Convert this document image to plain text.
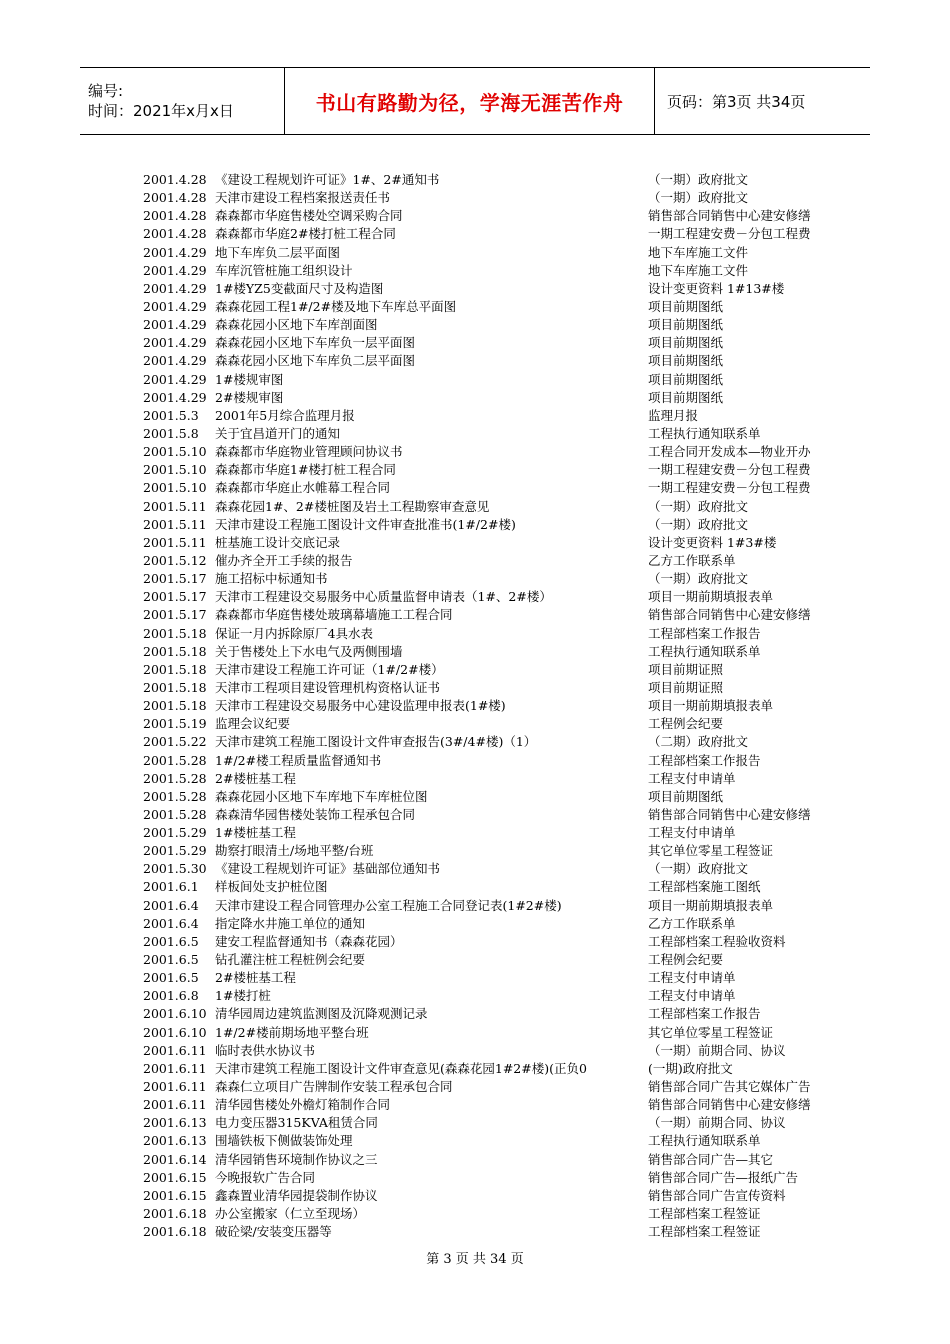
编号:
时间：2021年x月x日	书山有路勤为径，学海无涯苦作舟	页码：第3页 共34页
2001.4.28 《建设工程规划许可证》1#、2#通知书	（一期）政府批文
2001.4.28 天津市建设工程档案报送责任书	（一期）政府批文
2001.4.28 森森都市华庭售楼处空调采购合同	销售部合同销售中心建安修缮
2001.4.28 森森都市华庭2#楼打桩工程合同	一期工程建安费－分包工程费
2001.4.29 地下车库负二层平面图	地下车库施工文件
2001.4.29 车库沉管桩施工组织设计	地下车库施工文件
2001.4.29 1#楼YZ5变截面尺寸及构造图	设计变更资料 1#13#楼
2001.4.29 森森花园工程1#/2#楼及地下车库总平面图	项目前期图纸
2001.4.29 森森花园小区地下车库剖面图	项目前期图纸
2001.4.29 森森花园小区地下车库负一层平面图	项目前期图纸
2001.4.29 森森花园小区地下车库负二层平面图	项目前期图纸
2001.4.29 1#楼规审图	项目前期图纸
2001.4.29 2#楼规审图	项目前期图纸
2001.5.3	2001年5月综合监理月报	监理月报
2001.5.8	关于宜昌道开门的通知	工程执行通知联系单
2001.5.10 森森都市华庭物业管理顾问协议书	工程合同开发成本—物业开办
2001.5.10 森森都市华庭1#楼打桩工程合同	一期工程建安费－分包工程费
2001.5.10 森森都市华庭止水帷幕工程合同	一期工程建安费－分包工程费
2001.5.11 森森花园1#、2#楼桩图及岩土工程勘察审查意见	（一期）政府批文
2001.5.11 天津市建设工程施工图设计文件审查批准书(1#/2#楼)	（一期）政府批文
2001.5.11 桩基施工设计交底记录	设计变更资料 1#3#楼
2001.5.12 催办齐全开工手续的报告	乙方工作联系单
2001.5.17 施工招标中标通知书	（一期）政府批文
2001.5.17 天津市工程建设交易服务中心质量监督申请表（1#、2#楼）	项目一期前期填报表单
2001.5.17 森森都市华庭售楼处玻璃幕墙施工工程合同	销售部合同销售中心建安修缮
2001.5.18 保证一月内拆除原厂4具水表	工程部档案工作报告
2001.5.18 关于售楼处上下水电气及两侧围墙	工程执行通知联系单
2001.5.18 天津市建设工程施工许可证（1#/2#楼）	项目前期证照
2001.5.18 天津市工程项目建设管理机构资格认证书	项目前期证照
2001.5.18 天津市工程建设交易服务中心建设监理申报表(1#楼)	项目一期前期填报表单
2001.5.19 监理会议纪要	工程例会纪要
2001.5.22 天津市建筑工程施工图设计文件审查报告(3#/4#楼)（1）	（二期）政府批文
2001.5.28 1#/2#楼工程质量监督通知书	工程部档案工作报告
2001.5.28 2#楼桩基工程	工程支付申请单
2001.5.28 森森花园小区地下车库地下车库桩位图	项目前期图纸
2001.5.28 森森清华园售楼处装饰工程承包合同	销售部合同销售中心建安修缮
2001.5.29 1#楼桩基工程	工程支付申请单
2001.5.29 勘察打眼清土/场地平整/台班	其它单位零星工程签证
2001.5.30 《建设工程规划许可证》基础部位通知书	（一期）政府批文
2001.6.1	样板间处支护桩位图	工程部档案施工图纸
2001.6.4	天津市建设工程合同管理办公室工程施工合同登记表(1#2#楼)	项目一期前期填报表单
2001.6.4	指定降水井施工单位的通知	乙方工作联系单
2001.6.5	建安工程监督通知书（森森花园）	工程部档案工程验收资料
2001.6.5	钻孔灌注桩工程桩例会纪要	工程例会纪要
2001.6.5	2#楼桩基工程	工程支付申请单
2001.6.8	1#楼打桩	工程支付申请单
2001.6.10 清华园周边建筑监测图及沉降观测记录	工程部档案工作报告
2001.6.10 1#/2#楼前期场地平整台班	其它单位零星工程签证
2001.6.11 临时表供水协议书	（一期）前期合同、协议
2001.6.11 天津市建筑工程施工图设计文件审查意见(森森花园1#2#楼)(正负0	(一期)政府批文
2001.6.11 森森仁立项目广告牌制作安装工程承包合同	销售部合同广告其它媒体广告
2001.6.11 清华园售楼处外檐灯箱制作合同	销售部合同销售中心建安修缮
2001.6.13 电力变压器315KVA租赁合同	（一期）前期合同、协议
2001.6.13 围墙铁板下侧做装饰处理	工程执行通知联系单
2001.6.14 清华园销售环境制作协议之三	销售部合同广告—其它
2001.6.15 今晚报软广告合同	销售部合同广告—报纸广告
2001.6.15 鑫森置业清华园提袋制作协议	销售部合同广告宣传资料
2001.6.18 办公室搬家（仁立至现场）	工程部档案工程签证
2001.6.18 破砼梁/安装变压器等	工程部档案工程签证
第 3 页 共 34 页
